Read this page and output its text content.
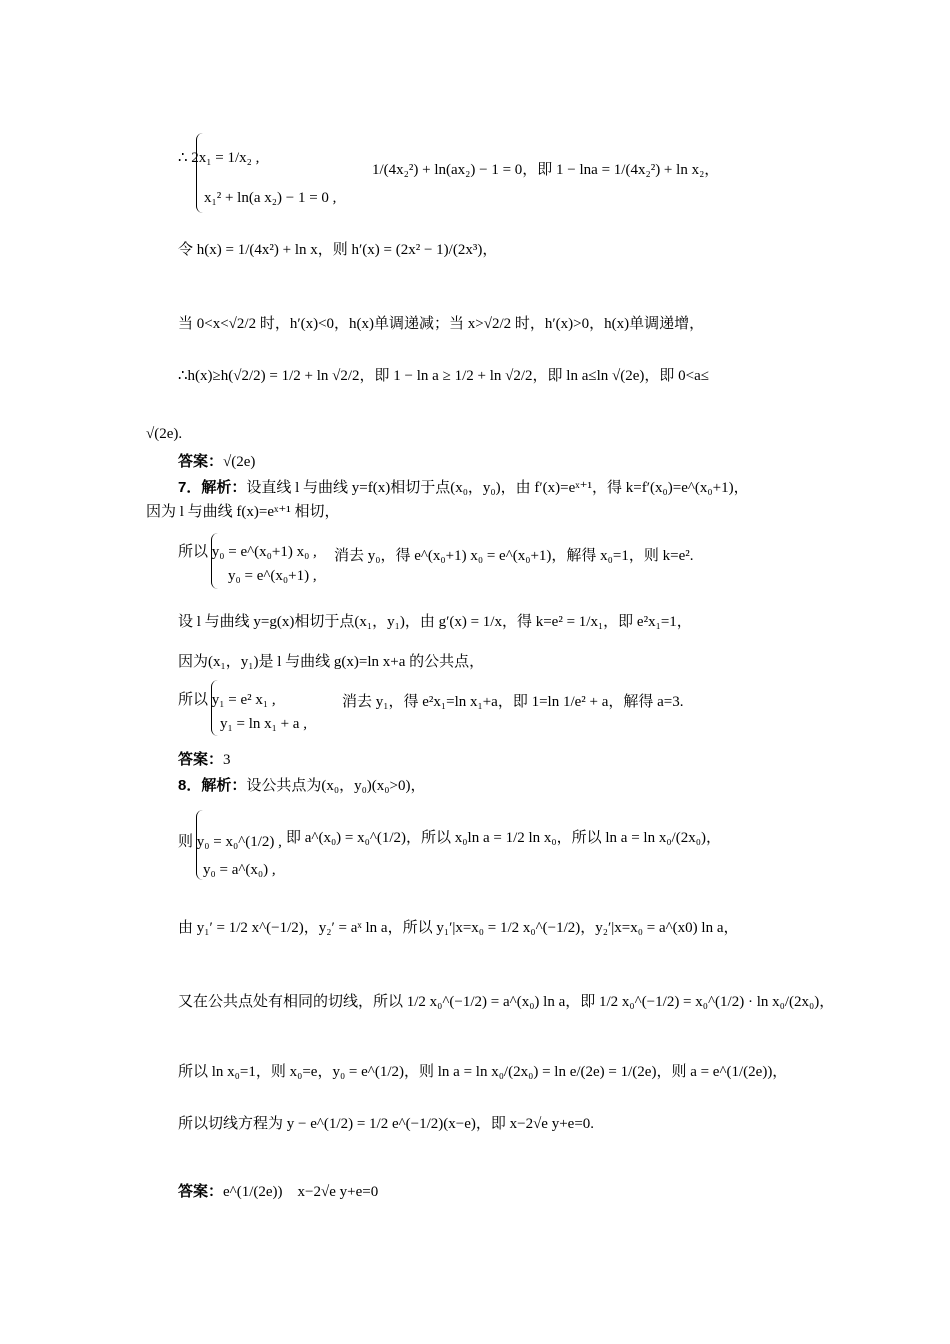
∴ 2x₁ = 1/x₂ ,
x₁² + ln(a x₂) − 1 = 0 ,
1/(4x₂²) + ln(ax₂) − 1 = 0，即 1 − lna = 1/(4x₂²) + ln x₂，
令 h(x) = 1/(4x²) + ln x，则 h′(x) = (2x² − 1)/(2x³)，
当 0<x<√2/2 时，h′(x)<0，h(x)单调递减；当 x>√2/2 时，h′(x)>0，h(x)单调递增，
∴h(x)≥h(√2/2) = 1/2 + ln √2/2，即 1 − ln a ≥ 1/2 + ln √2/2，即 ln a≤ln √(2e)，即 0<a≤
√(2e).
答案：√(2e)
7．解析：设直线 l 与曲线 y=f(x)相切于点(x₀，y₀)，由 f′(x)=eˣ⁺¹，得 k=f′(x₀)=e^(x₀+1)，
因为 l 与曲线 f(x)=eˣ⁺¹ 相切，
所以 y₀ = e^(x₀+1) x₀ ,
y₀ = e^(x₀+1) ,
消去 y₀，得 e^(x₀+1) x₀ = e^(x₀+1)，解得 x₀=1，则 k=e².
设 l 与曲线 y=g(x)相切于点(x₁，y₁)，由 g′(x) = 1/x，得 k=e² = 1/x₁，即 e²x₁=1，
因为(x₁，y₁)是 l 与曲线 g(x)=ln x+a 的公共点，
所以 y₁ = e² x₁ ,
y₁ = ln x₁ + a ,
消去 y₁，得 e²x₁=ln x₁+a，即 1=ln 1/e² + a，解得 a=3.
答案：3
8．解析：设公共点为(x₀，y₀)(x₀>0)，
则 y₀ = x₀^(1/2) ,
y₀ = a^(x₀) ,
即 a^(x₀) = x₀^(1/2)，所以 x₀ln a = 1/2 ln x₀，所以 ln a = ln x₀/(2x₀)，
由 y₁′ = 1/2 x^(−1/2)，y₂′ = aˣ ln a，所以 y₁′|x=x₀ = 1/2 x₀^(−1/2)，y₂′|x=x₀ = a^(x0) ln a，
又在公共点处有相同的切线，所以 1/2 x₀^(−1/2) = a^(x₀) ln a，即 1/2 x₀^(−1/2) = x₀^(1/2) · ln x₀/(2x₀)，
所以 ln x₀=1，则 x₀=e，y₀ = e^(1/2)，则 ln a = ln x₀/(2x₀) = ln e/(2e) = 1/(2e)，则 a = e^(1/(2e))，
所以切线方程为 y − e^(1/2) = 1/2 e^(−1/2)(x−e)，即 x−2√e y+e=0.
答案：e^(1/(2e))　x−2√e y+e=0
